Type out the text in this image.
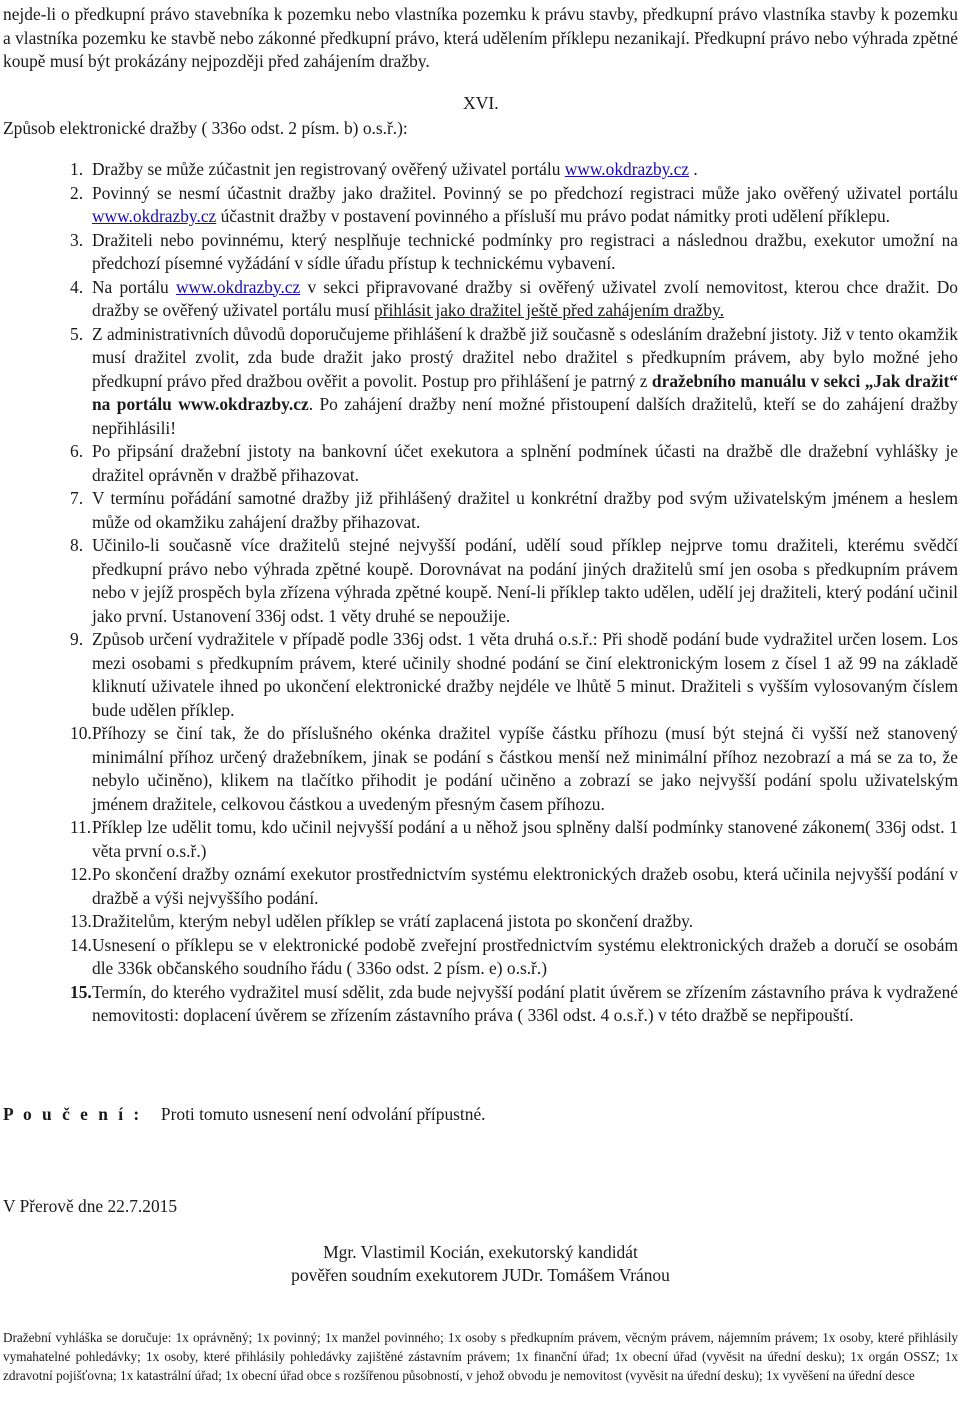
nejde-li o předkupní právo stavebníka k pozemku nebo vlastníka pozemku k právu stavby, předkupní právo vlastníka stavby k pozemku a vlastníka pozemku ke stavbě nebo zákonné předkupní právo, která udělením příklepu nezanikají. Předkupní právo nebo výhrada zpětné koupě musí být prokázány nejpozději před zahájením dražby.

XVI.
Způsob elektronické dražby ( 336o odst. 2 písm. b) o.s.ř.):
1. Dražby se může zúčastnit jen registrovaný ověřený uživatel portálu www.okdrazby.cz .
2. Povinný se nesmí účastnit dražby jako dražitel. Povinný se po předchozí registraci může jako ověřený uživatel portálu www.okdrazby.cz účastnit dražby v postavení povinného a přísluší mu právo podat námitky proti udělení příklepu.
3. Dražiteli nebo povinnému, který nesplňuje technické podmínky pro registraci a následnou dražbu, exekutor umožní na předchozí písemné vyžádání v sídle úřadu přístup k technickému vybavení.
4. Na portálu www.okdrazby.cz v sekci připravované dražby si ověřený uživatel zvolí nemovitost, kterou chce dražit. Do dražby se ověřený uživatel portálu musí přihlásit jako dražitel ještě před zahájením dražby.
5. Z administrativních důvodů doporučujeme přihlášení k dražbě již současně s odesláním dražební jistoty. Již v tento okamžik musí dražitel zvolit, zda bude dražit jako prostý dražitel nebo dražitel s předkupním právem, aby bylo možné jeho předkupní právo před dražbou ověřit a povolit. Postup pro přihlášení je patrný z dražebního manuálu v sekci „Jak dražit“ na portálu www.okdrazby.cz. Po zahájení dražby není možné přistoupení dalších dražitelů, kteří se do zahájení dražby nepřihlásili!
6. Po připsání dražební jistoty na bankovní účet exekutora a splnění podmínek účasti na dražbě dle dražební vyhlášky je dražitel oprávněn v dražbě přihazovat.
7. V termínu pořádání samotné dražby již přihlášený dražitel u konkrétní dražby pod svým uživatelským jménem a heslem může od okamžiku zahájení dražby přihazovat.
8. Učinilo-li současně více dražitelů stejné nejvyšší podání, udělí soud příklep nejprve tomu dražiteli, kterému svědčí předkupní právo nebo výhrada zpětné koupě. Dorovnávat na podání jiných dražitelů smí jen osoba s předkupním právem nebo v jejíž prospěch byla zřízena výhrada zpětné koupě. Není-li příklep takto udělen, udělí jej dražiteli, který podání učinil jako první. Ustanovení 336j odst. 1 věty druhé se nepoužije.
9. Způsob určení vydražitele v případě podle 336j odst. 1 věta druhá o.s.ř.: Při shodě podání bude vydražitel určen losem. Los mezi osobami s předkupním právem, které učinily shodné podání se činí elektronickým losem z čísel 1 až 99 na základě kliknutí uživatele ihned po ukončení elektronické dražby nejdéle ve lhůtě 5 minut. Dražiteli s vyšším vylosovaným číslem bude udělen příklep.
10. Příhozy se činí tak, že do příslušného okénka dražitel vypíše částku příhozu (musí být stejná či vyšší než stanovený minimální příhoz určený dražebníkem, jinak se podání s částkou menší než minimální příhoz nezobrazí a má se za to, že nebylo učiněno), klikem na tlačítko přihodit je podání učiněno a zobrazí se jako nejvyšší podání spolu uživatelským jménem dražitele, celkovou částkou a uvedeným přesným časem příhozu.
11. Příklep lze udělit tomu, kdo učinil nejvyšší podání a u něhož jsou splněny další podmínky stanovené zákonem( 336j odst. 1 věta první o.s.ř.)
12. Po skončení dražby oznámí exekutor prostřednictvím systému elektronických dražeb osobu, která učinila nejvyšší podání v dražbě a výši nejvyššího podání.
13. Dražitelům, kterým nebyl udělen příklep se vrátí zaplacená jistota po skončení dražby.
14. Usnesení o příklepu se v elektronické podobě zveřejní prostřednictvím systému elektronických dražeb a doručí se osobám dle 336k občanského soudního řádu ( 336o odst. 2 písm. e) o.s.ř.)
15. Termín, do kterého vydražitel musí sdělit, zda bude nejvyšší podání platit úvěrem se zřízením zástavního práva k vydražené nemovitosti: doplacení úvěrem se zřízením zástavního práva ( 336l odst. 4 o.s.ř.) v této dražbě se nepřipouští.
P o u č e n í : Proti tomuto usnesení není odvolání přípustné.
V Přerově dne 22.7.2015
Mgr. Vlastimil Kocián, exekutorský kandidát
pověřen soudním exekutorem JUDr. Tomášem Vránou
Dražební vyhláška se doručuje: 1x oprávněný; 1x povinný; 1x manžel povinného; 1x osoby s předkupním právem, věcným právem, nájemním právem; 1x osoby, které přihlásily vymahatelné pohledávky; 1x osoby, které přihlásily pohledávky zajištěné zástavním právem; 1x finanční úřad; 1x obecní úřad (vyvěsit na úřední desku); 1x orgán OSSZ; 1x zdravotní pojišťovna; 1x katastrální úřad; 1x obecní úřad obce s rozšířenou působností, v jehož obvodu je nemovitost (vyvěsit na úřední desku); 1x vyvěšení na úřední desce
